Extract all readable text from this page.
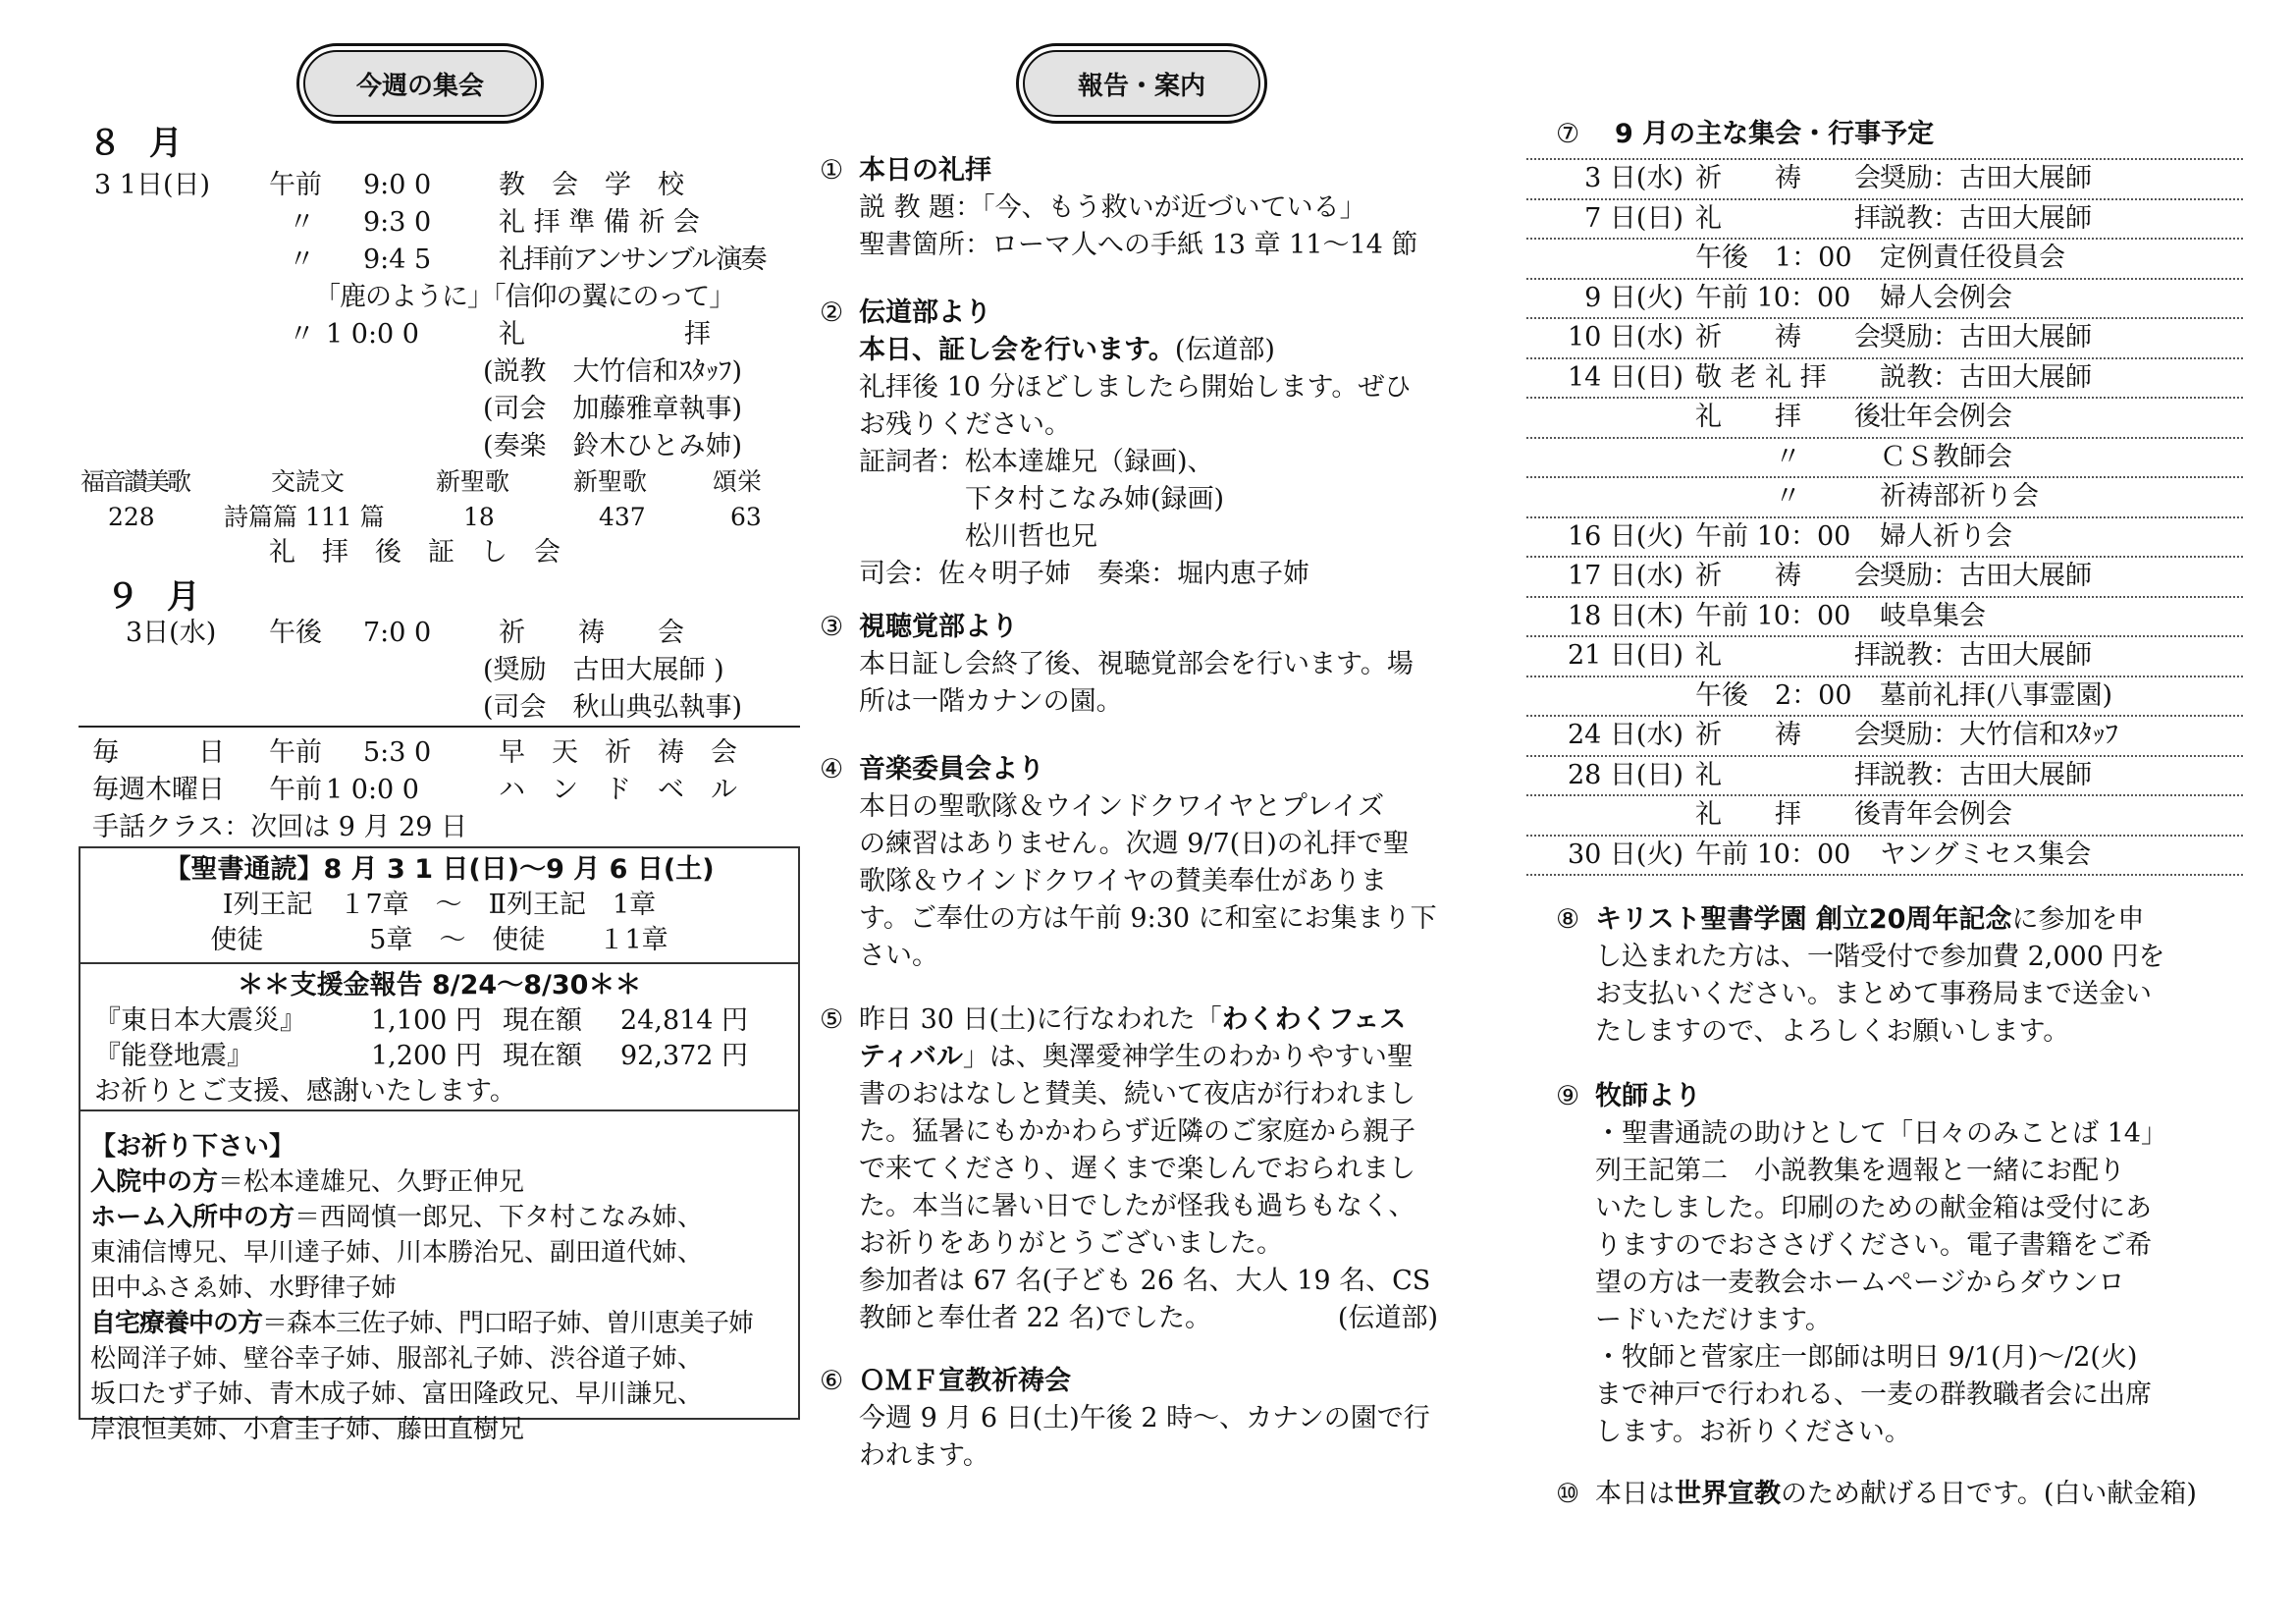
今週の集会
８ 月
3 1日(日) 午前 9:0 0	教　会　学　校
〃 9:3 0	礼 拝 準 備 祈 会
〃 9:4 5	礼拝前アンサンブル演奏
「鹿のように」「信仰の翼にのって」
〃 1 0:0 0	礼　　　　　　拝
(説教　大竹信和ｽﾀｯﾌ)
(司会　加藤雅章執事)
(奏楽　鈴木ひとみ姉)
福音讃美歌	交読文	新聖歌	新聖歌	頌栄
228	詩篇篇 111 篇	18	437	63
礼　拝　後　証　し　会
９ 月
3日(水) 午後 7:0 0	祈　　祷　　会
(奨励　古田大展師 )
(司会　秋山典弘執事)
毎　　　日 午前 5:3 0	早　天　祈　祷　会
毎週木曜日 午前 1 0:0 0	ハ　ン　ド　ベ　ル
手話クラス：次回は 9 月 29 日
【聖書通読】8 月 3 1 日(日)～9 月 6 日(土)
Ⅰ列王記　１7章　～　Ⅱ列王記　1章
使徒　　　　5章　～　使徒　　１1章
＊＊支援金報告 8/24～8/30＊＊
『東日本大震災』 1,100 円 現在額 24,814 円
『能登地震』	1,200 円 現在額 92,372 円
お祈りとご支援、感謝いたします。
【お祈り下さい】
入院中の方＝松本達雄兄、久野正伸兄
ホーム入所中の方＝西岡慎一郎兄、下タ村こなみ姉、
東浦信博兄、早川達子姉、川本勝治兄、副田道代姉、
田中ふさゑ姉、水野律子姉
自宅療養中の方＝森本三佐子姉、門口昭子姉、曽川恵美子姉
松岡洋子姉、壁谷幸子姉、服部礼子姉、渋谷道子姉、
坂口たず子姉、青木成子姉、富田隆政兄、早川謙兄、
岸浪恒美姉、小倉圭子姉、藤田直樹兄
報告・案内
① 本日の礼拝
説 教 題：「今、もう救いが近づいている」
聖書箇所：ローマ人への手紙 13 章 11～14 節
② 伝道部より
本日、証し会を行います。(伝道部)
礼拝後 10 分ほどしましたら開始します。ぜひ
お残りください。
証詞者：松本達雄兄（録画)、
　　　　下タ村こなみ姉(録画)
　　　　松川哲也兄
司会：佐々明子姉　奏楽：堀内恵子姉
③ 視聴覚部より
本日証し会終了後、視聴覚部会を行います。場
所は一階カナンの園。
④ 音楽委員会より
本日の聖歌隊＆ウインドクワイヤとプレイズ
の練習はありません。次週 9/7(日)の礼拝で聖
歌隊＆ウインドクワイヤの賛美奉仕がありま
す。ご奉仕の方は午前 9:30 に和室にお集まり下
さい。
⑤ 昨日 30 日(土)に行なわれた「わくわくフェス
ティバル」は、奥澤愛神学生のわかりやすい聖
書のおはなしと賛美、続いて夜店が行われまし
た。猛暑にもかかわらず近隣のご家庭から親子
で来てくださり、遅くまで楽しんでおられまし
た。本当に暑い日でしたが怪我も過ちもなく、
お祈りをありがとうございました。
参加者は 67 名(子ども 26 名、大人 19 名、CS
教師と奉仕者 22 名)でした。	(伝道部)
⑥ ＯＭＦ宣教祈祷会
今週 9 月 6 日(土)午後 2 時～、カナンの園で行
われます。
⑦ 9 月の主な集会・行事予定
3 日(水) 祈　　祷　　会 奨励：古田大展師
7 日(日) 礼　　　　　拝 説教：古田大展師
午後　1：00	定例責任役員会
9 日(火) 午前 10：00	婦人会例会
10 日(水) 祈　　祷　　会 奨励：古田大展師
14 日(日) 敬 老 礼 拝	説教：古田大展師
礼　　拝　　後 壮年会例会
　　　〃	ＣＳ教師会
　　　〃	祈祷部祈り会
16 日(火) 午前 10：00	婦人祈り会
17 日(水) 祈　　祷　　会 奨励：古田大展師
18 日(木) 午前 10：00	岐阜集会
21 日(日) 礼　　　　　拝 説教：古田大展師
午後　2：00	墓前礼拝(八事霊園)
24 日(水) 祈　　祷　　会 奨励：大竹信和ｽﾀｯﾌ
28 日(日) 礼　　　　　拝 説教：古田大展師
礼　　拝　　後 青年会例会
30 日(火) 午前 10：00	ヤングミセス集会
⑧ キリスト聖書学園 創立20周年記念に参加を申
し込まれた方は、一階受付で参加費 2,000 円を
お支払いください。まとめて事務局まで送金い
たしますので、よろしくお願いします。
⑨ 牧師より
・聖書通読の助けとして「日々のみことば 14」
列王記第二　小説教集を週報と一緒にお配り
いたしました。印刷のための献金箱は受付にあ
りますのでおささげください。電子書籍をご希
望の方は一麦教会ホームページからダウンロ
ードいただけます。
・牧師と菅家庄一郎師は明日 9/1(月)～/2(火)
まで神戸で行われる、一麦の群教職者会に出席
します。お祈りください。
⑩ 本日は世界宣教のため献げる日です。(白い献金箱)
